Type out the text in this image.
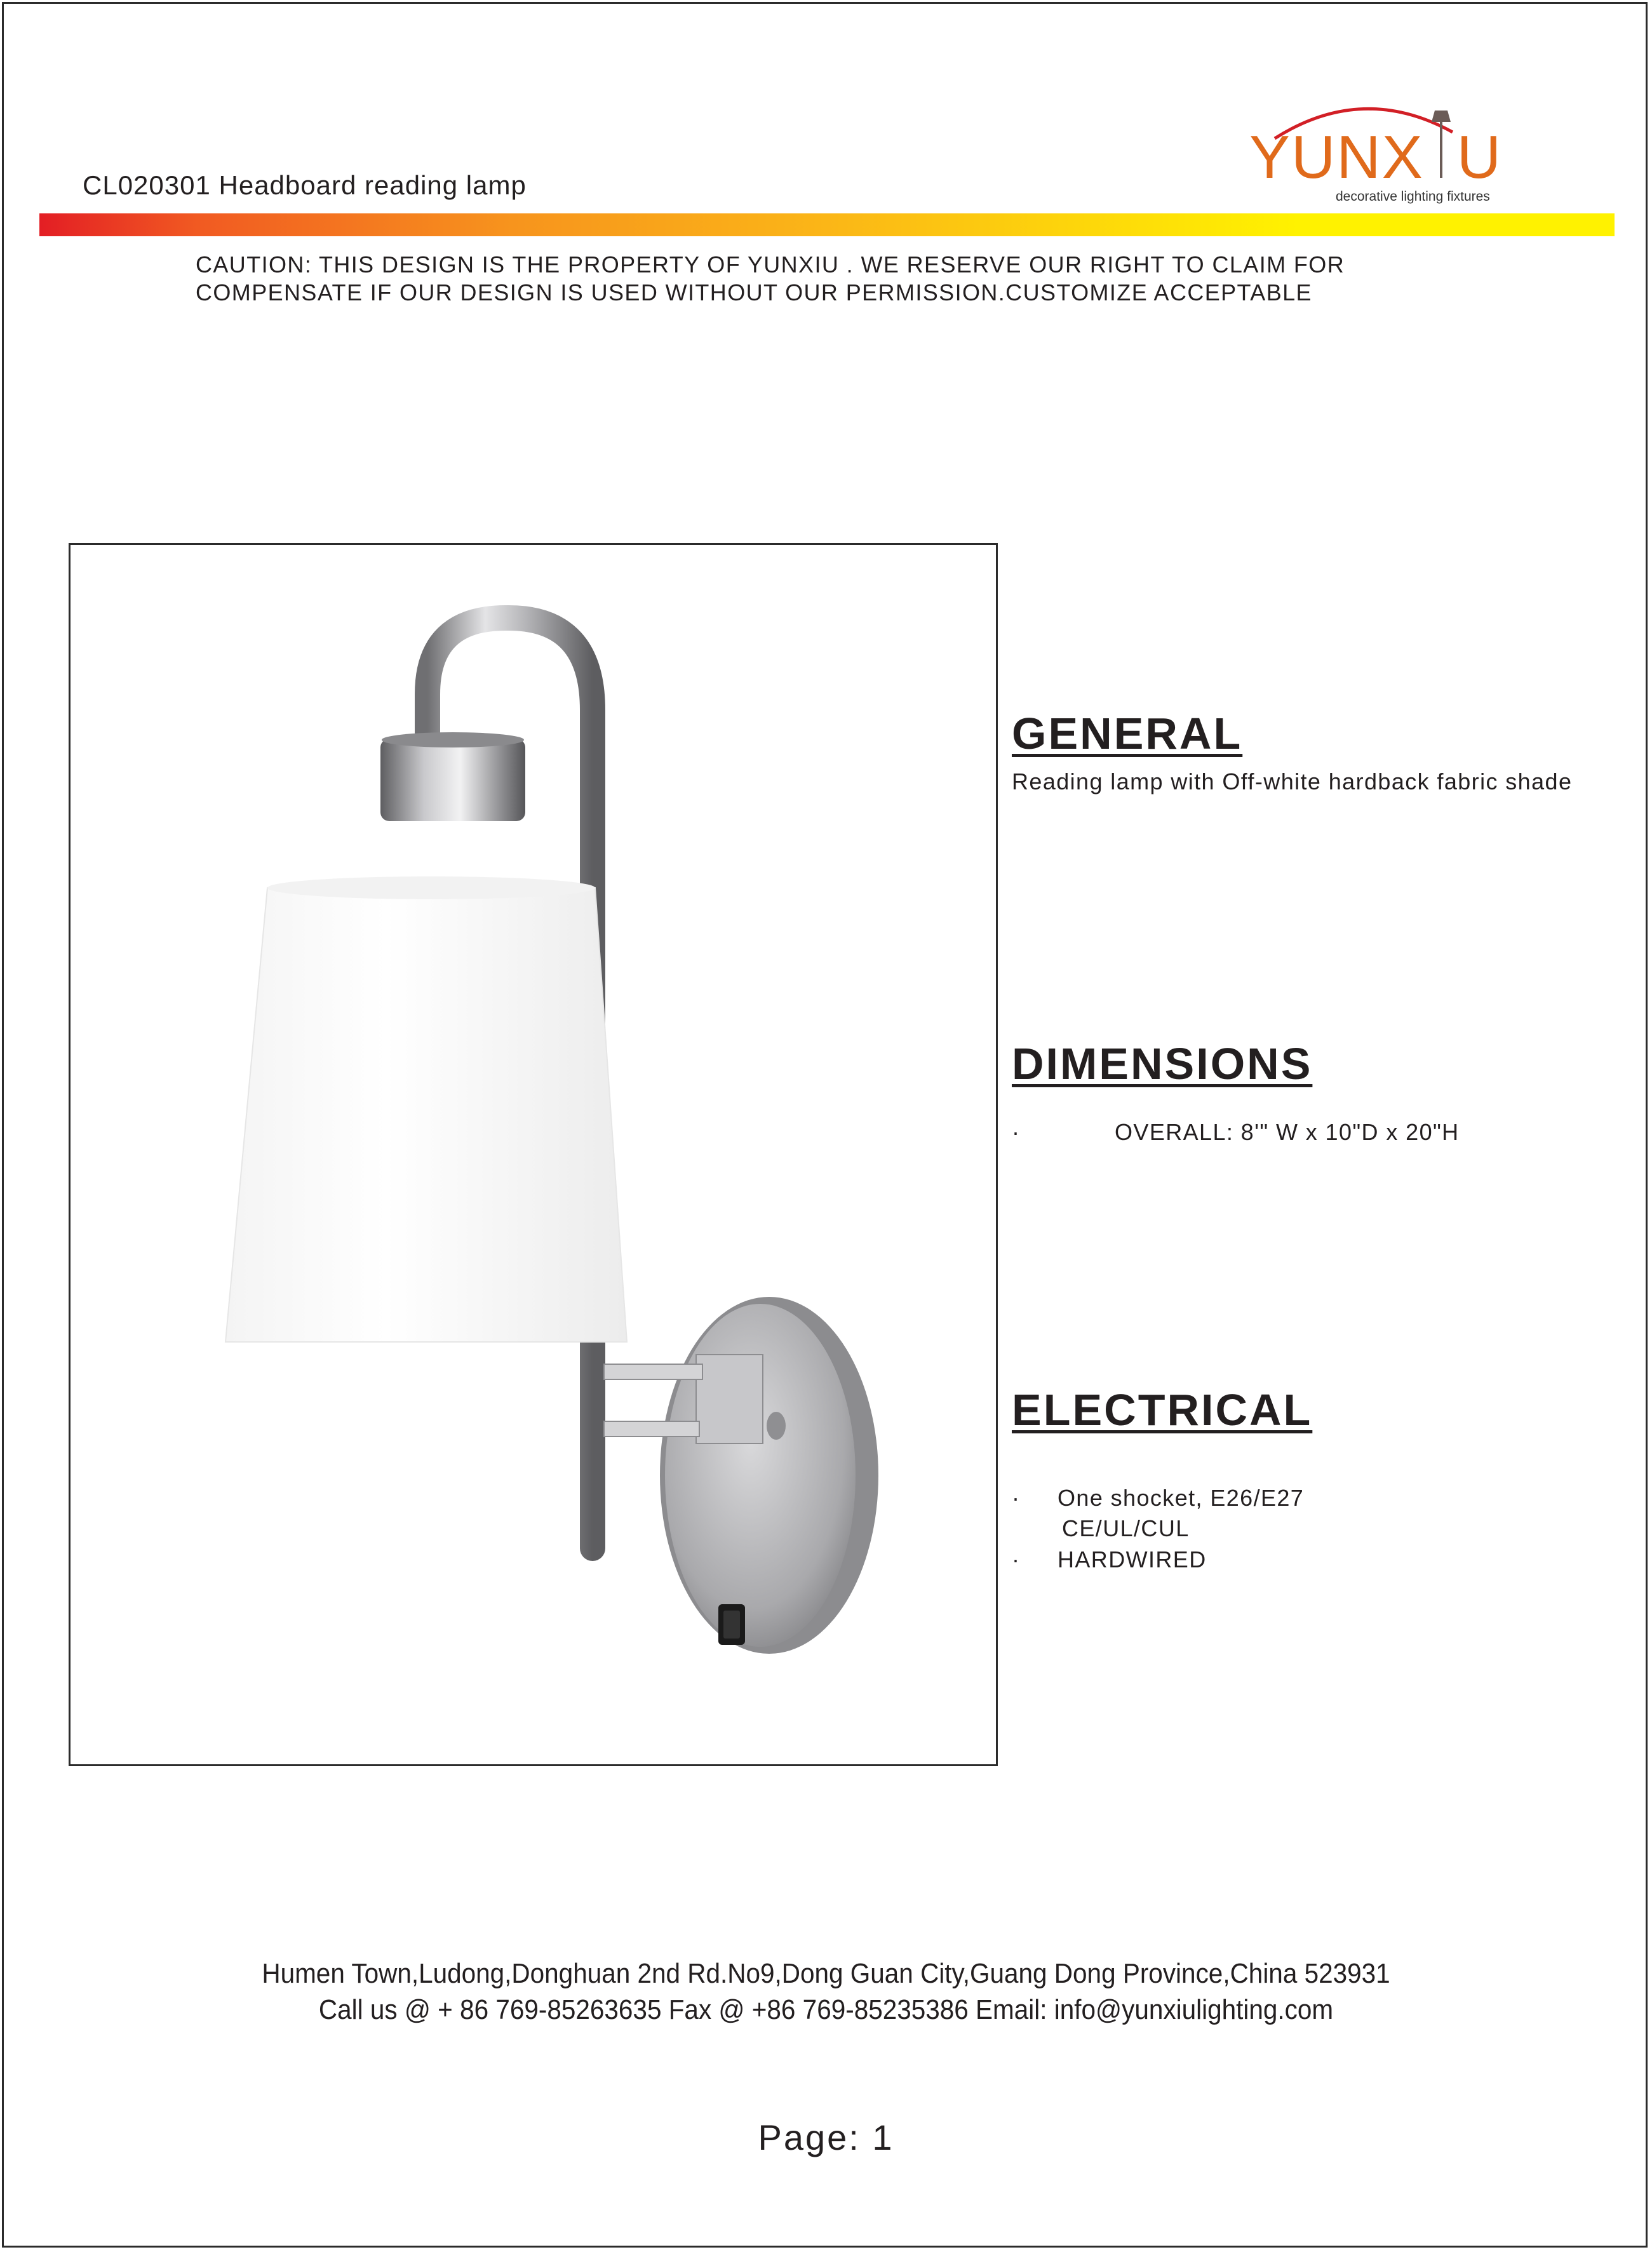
CL020301 Headboard reading lamp	YUNX U
decorative lighting fixtures
CAUTION: THIS DESIGN IS THE PROPERTY OF YUNXIU . WE RESERVE OUR RIGHT TO CLAIM FOR
COMPENSATE IF OUR DESIGN IS USED WITHOUT OUR PERMISSION.CUSTOMIZE ACCEPTABLE
GENERAL
Reading lamp with Off-white hardback fabric shade
DIMENSIONS
·	OVERALL: 8'" W x 10"D x 20"H
ELECTRICAL
· One shocket, E26/E27
CE/UL/CUL
· HARDWIRED
Humen Town,Ludong,Donghuan 2nd Rd.No9,Dong Guan City,Guang Dong Province,China 523931
Call us @ + 86 769-85263635 Fax @ +86 769-85235386 Email: info@yunxiulighting.com
Page: 1
